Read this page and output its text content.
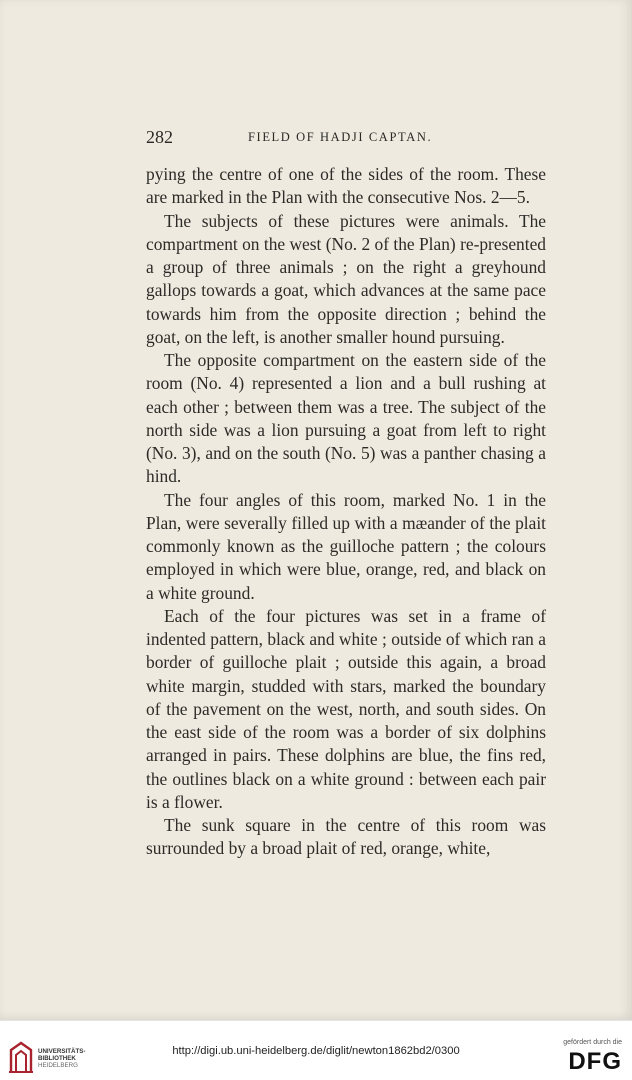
282	FIELD OF HADJI CAPTAN.

pying the centre of one of the sides of the room. These are marked in the Plan with the consecutive Nos. 2—5.

The subjects of these pictures were animals. The compartment on the west (No. 2 of the Plan) re-presented a group of three animals ; on the right a greyhound gallops towards a goat, which advances at the same pace towards him from the opposite direction ; behind the goat, on the left, is another smaller hound pursuing.

The opposite compartment on the eastern side of the room (No. 4) represented a lion and a bull rushing at each other ; between them was a tree. The subject of the north side was a lion pursuing a goat from left to right (No. 3), and on the south (No. 5) was a panther chasing a hind.

The four angles of this room, marked No. 1 in the Plan, were severally filled up with a mæander of the plait commonly known as the guilloche pattern ; the colours employed in which were blue, orange, red, and black on a white ground.

Each of the four pictures was set in a frame of indented pattern, black and white ; outside of which ran a border of guilloche plait ; outside this again, a broad white margin, studded with stars, marked the boundary of the pavement on the west, north, and south sides. On the east side of the room was a border of six dolphins arranged in pairs. These dolphins are blue, the fins red, the outlines black on a white ground : between each pair is a flower.

The sunk square in the centre of this room was surrounded by a broad plait of red, orange, white,

UNIVERSITÄTS-
BIBLIOTHEK
HEIDELBERG
http://digi.ub.uni-heidelberg.de/diglit/newton1862bd2/0300
gefördert durch die
DFG
